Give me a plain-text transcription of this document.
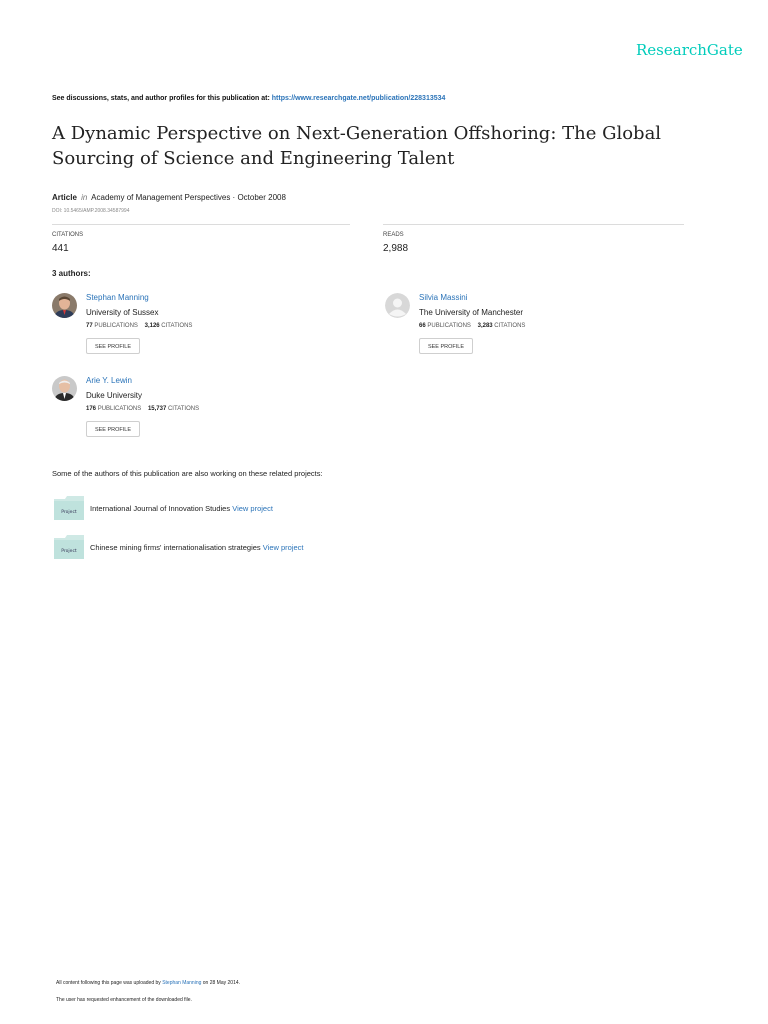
ResearchGate
See discussions, stats, and author profiles for this publication at: https://www.researchgate.net/publication/228313534
A Dynamic Perspective on Next-Generation Offshoring: The Global Sourcing of Science and Engineering Talent
Article in Academy of Management Perspectives · October 2008
DOI: 10.5465/AMP.2008.34587994
CITATIONS
441
READS
2,988
3 authors:
Stephan Manning
University of Sussex
77 PUBLICATIONS 3,126 CITATIONS
SEE PROFILE
Silvia Massini
The University of Manchester
66 PUBLICATIONS 3,283 CITATIONS
SEE PROFILE
Arie Y. Lewin
Duke University
176 PUBLICATIONS 15,737 CITATIONS
SEE PROFILE
Some of the authors of this publication are also working on these related projects:
Project International Journal of Innovation Studies View project
Project Chinese mining firms' internationalisation strategies View project
All content following this page was uploaded by Stephan Manning on 28 May 2014.
The user has requested enhancement of the downloaded file.
